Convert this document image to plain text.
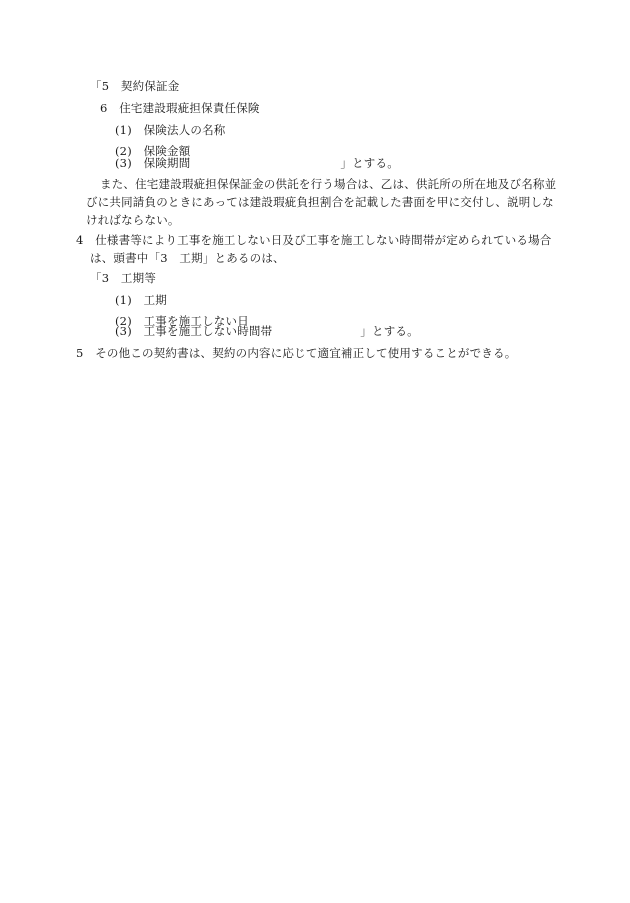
「5　契約保証金
6　住宅建設瑕疵担保責任保険
(1)　保険法人の名称
(2)　保険金額
(3)　保険期間	」とする。
また、住宅建設瑕疵担保保証金の供託を行う場合は、乙は、供託所の所在地及び名称並
びに共同請負のときにあっては建設瑕疵負担割合を記載した書面を甲に交付し、説明しな
ければならない。
4　仕様書等により工事を施工しない日及び工事を施工しない時間帯が定められている場合
は、頭書中「3　工期」とあるのは、
「3　工期等
(1)　工期
(2)　工事を施工しない日
(3)　工事を施工しない時間帯	」とする。
5　その他この契約書は、契約の内容に応じて適宜補正して使用することができる。
